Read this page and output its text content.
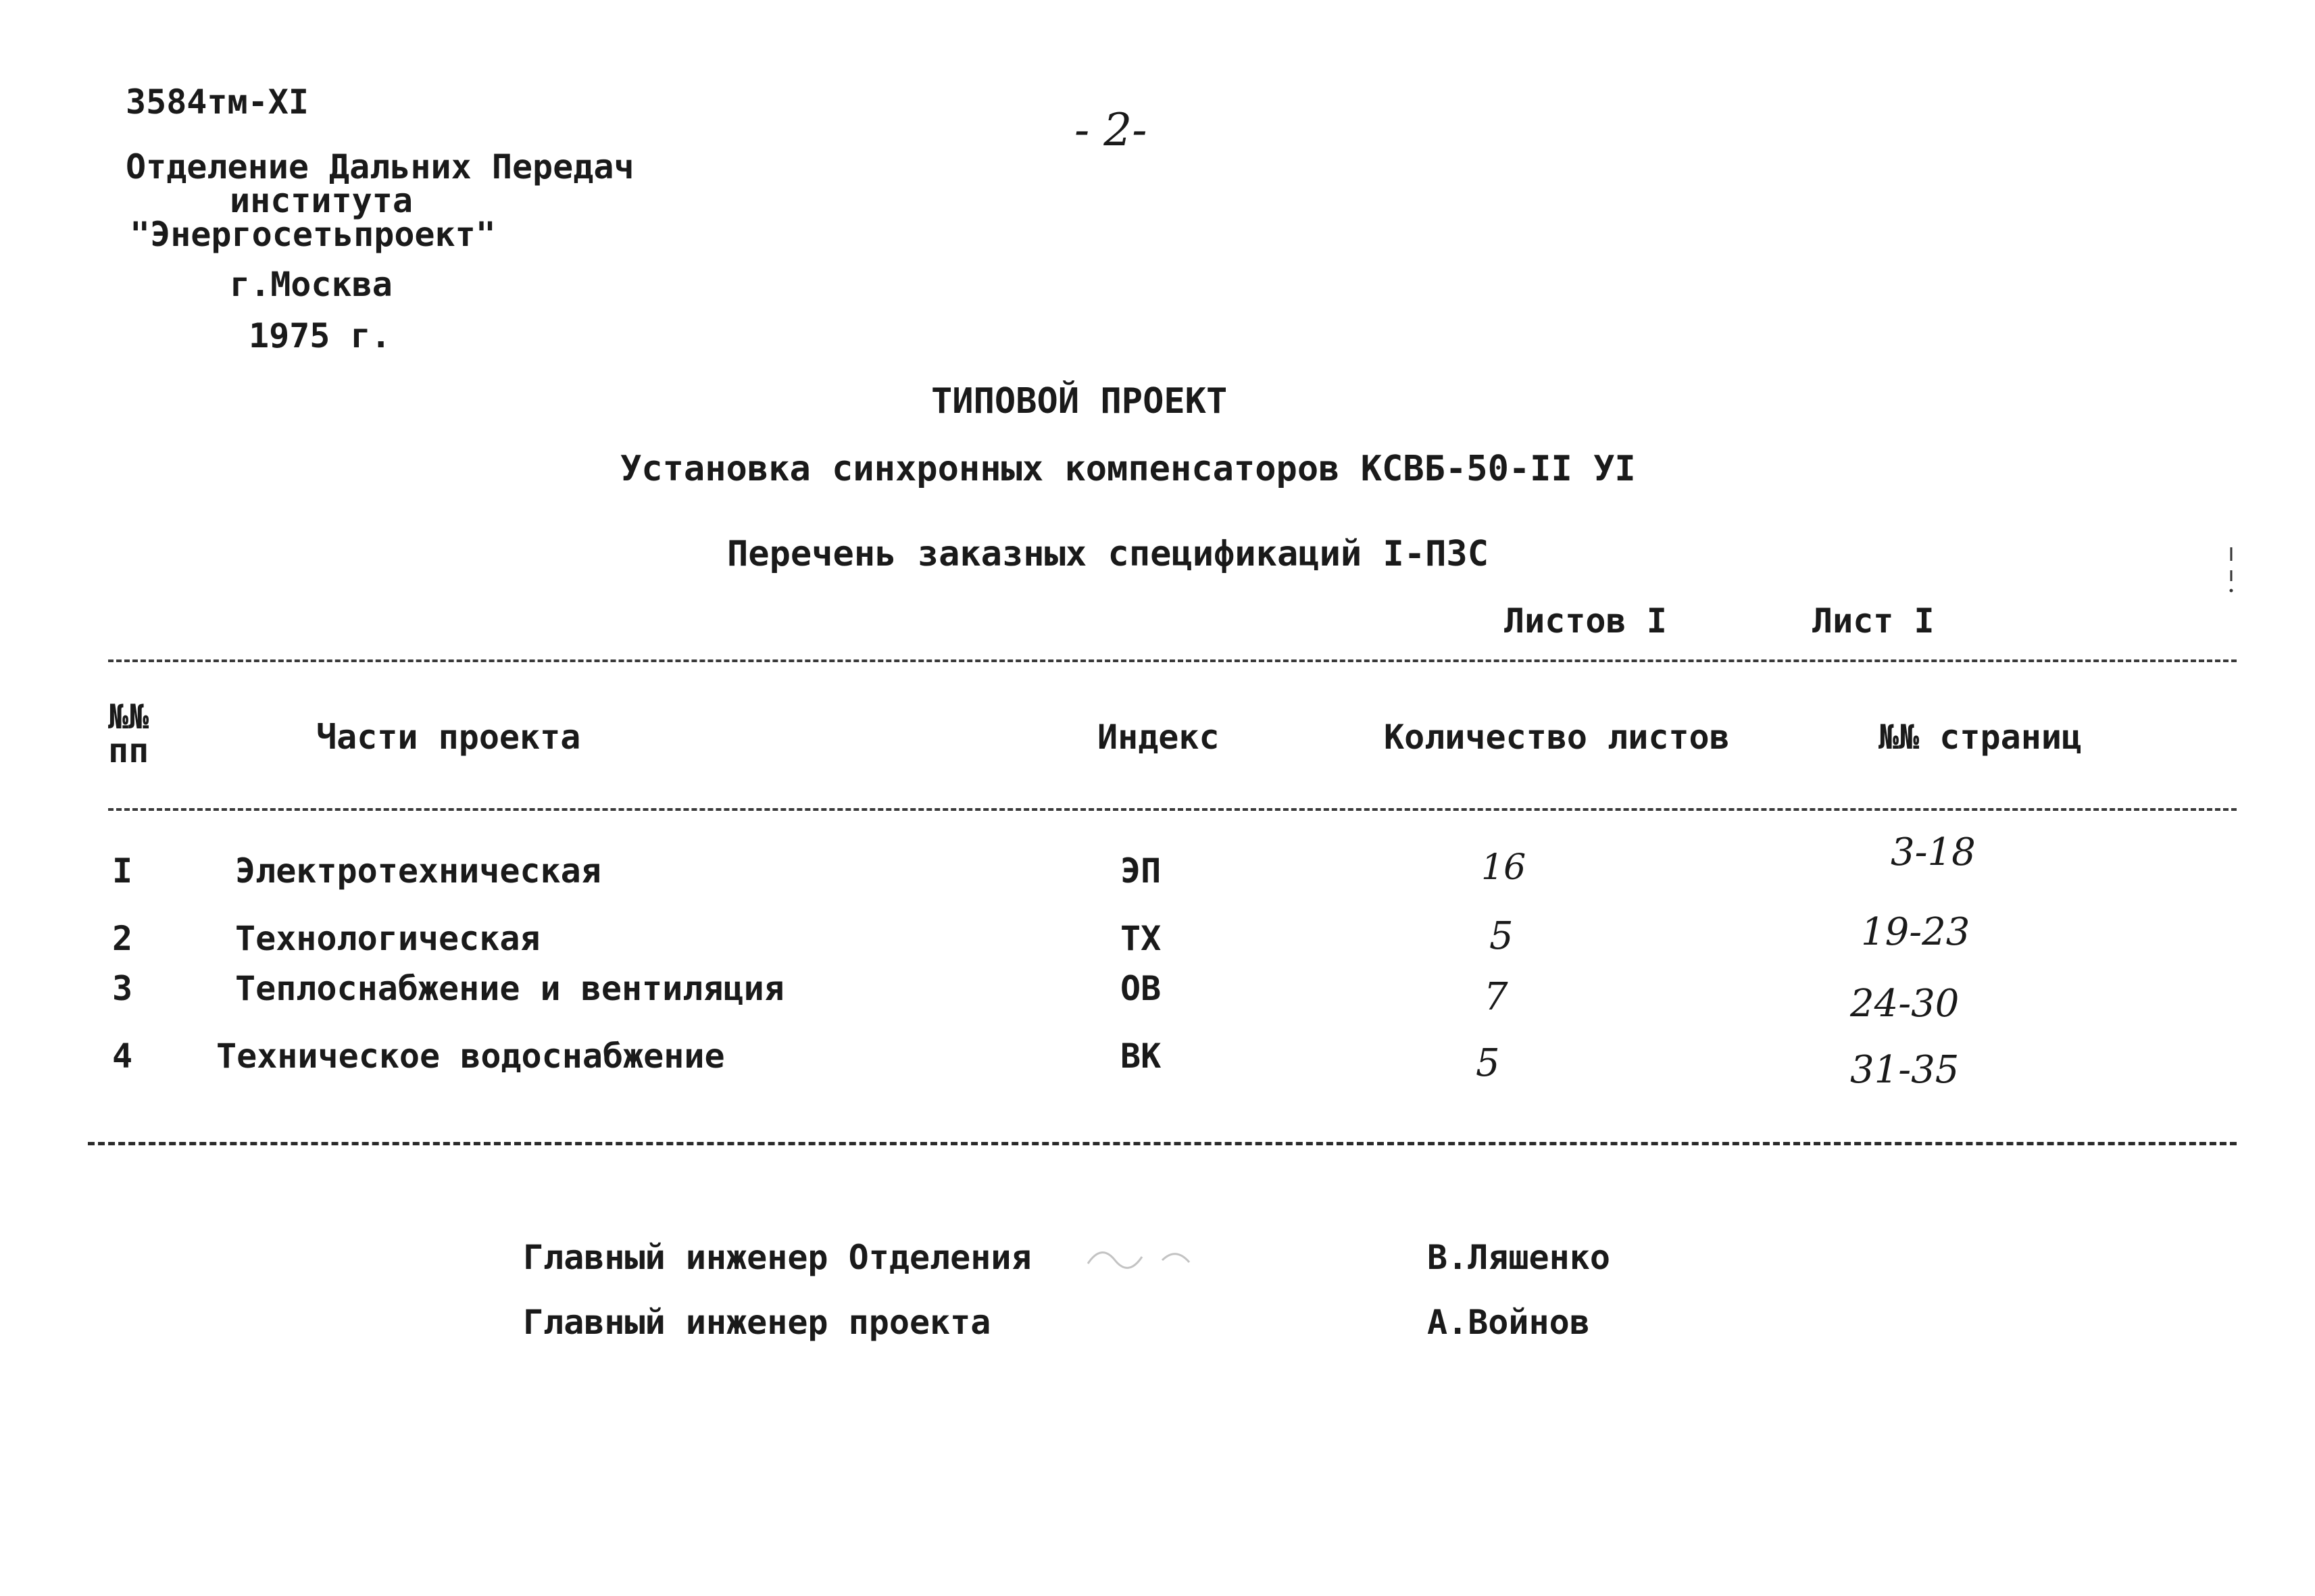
3584тм-XI
Отделение Дальних Передач
института
"Энергосетьпроект"
г.Москва
1975 г.
- 2-
ТИПОВОЙ ПРОЕКТ
Установка синхронных компенсаторов КСВБ-50-II УI
Перечень заказных спецификаций I-ПЗС
Листов I	Лист I
№№
пп	Части проекта	Индекс	Количество листов	№№ страниц
I	Электротехническая	ЭП	16	3-18
2	Технологическая	ТХ	5	19-23
3	Теплоснабжение и вентиляция	ОВ	7	24-30
4 Техническое водоснабжение	ВК	5	31-35
Главный инженер Отделения	В.Ляшенко
Главный инженер проекта	А.Войнов
